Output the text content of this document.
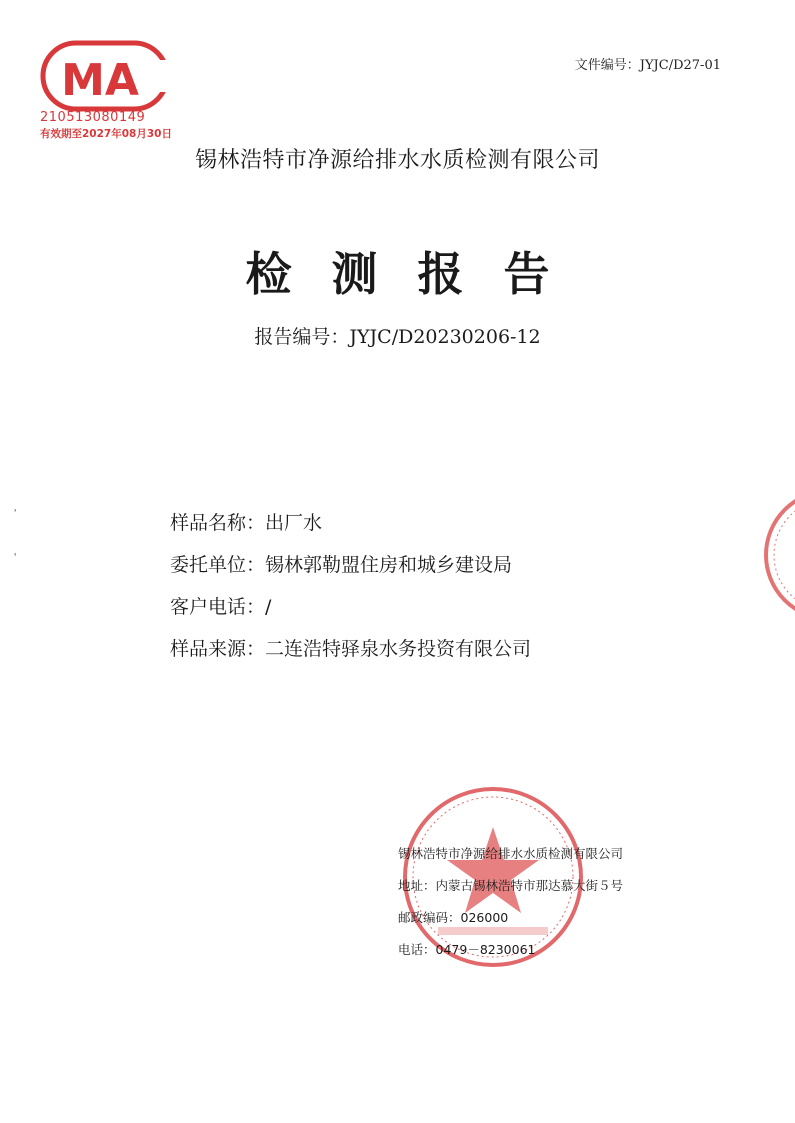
MA
210513080149
有效期至2027年08月30日
文件编号：JYJC/D27-01
锡林浩特市净源给排水水质检测有限公司
检测报告
报告编号：JYJC/D20230206-12
˒
˓
样品名称：出厂水
委托单位：锡林郭勒盟住房和城乡建设局
客户电话：/
样品来源：二连浩特驿泉水务投资有限公司
锡林浩特市净源给排水水质检测有限公司
地址：内蒙古锡林浩特市那达慕大街５号
邮政编码：026000
电话：0479－8230061
